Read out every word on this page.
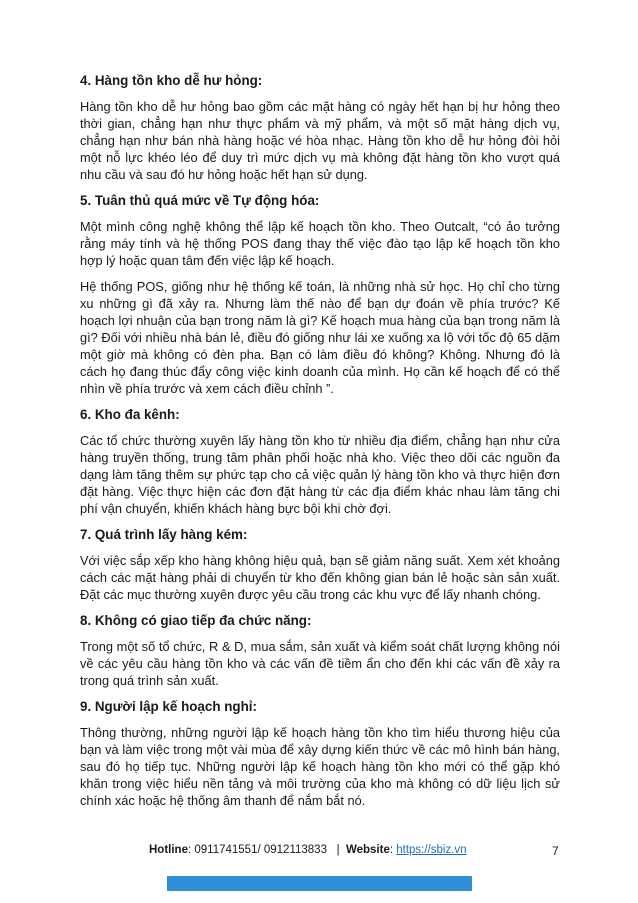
4. Hàng tồn kho dễ hư hỏng:

Hàng tồn kho dễ hư hỏng bao gồm các mặt hàng có ngày hết hạn bị hư hỏng theo thời gian, chẳng hạn như thực phẩm và mỹ phẩm, và một số mặt hàng dịch vụ, chẳng hạn như bán nhà hàng hoặc vé hòa nhạc. Hàng tồn kho dễ hư hỏng đòi hỏi một nỗ lực khéo léo để duy trì mức dịch vụ mà không đặt hàng tồn kho vượt quá nhu cầu và sau đó hư hỏng hoặc hết hạn sử dụng.

5. Tuân thủ quá mức về Tự động hóa:

Một mình công nghệ không thể lập kế hoạch tồn kho. Theo Outcalt, “có ảo tưởng rằng máy tính và hệ thống POS đang thay thế việc đào tạo lập kế hoạch tồn kho hợp lý hoặc quan tâm đến việc lập kế hoạch.

Hệ thống POS, giống như hệ thống kế toán, là những nhà sử học. Họ chỉ cho từng xu những gì đã xảy ra. Nhưng làm thế nào để bạn dự đoán về phía trước? Kế hoạch lợi nhuận của bạn trong năm là gì? Kế hoạch mua hàng của bạn trong năm là gì? Đối với nhiều nhà bán lẻ, điều đó giống như lái xe xuống xa lộ với tốc độ 65 dặm một giờ mà không có đèn pha. Bạn có làm điều đó không? Không. Nhưng đó là cách họ đang thúc đẩy công việc kinh doanh của mình. Họ cần kế hoạch để có thể nhìn về phía trước và xem cách điều chỉnh ”.

6. Kho đa kênh:

Các tổ chức thường xuyên lấy hàng tồn kho từ nhiều địa điểm, chẳng hạn như cửa hàng truyền thống, trung tâm phân phối hoặc nhà kho. Việc theo dõi các nguồn đa dạng làm tăng thêm sự phức tạp cho cả việc quản lý hàng tồn kho và thực hiện đơn đặt hàng. Việc thực hiện các đơn đặt hàng từ các địa điểm khác nhau làm tăng chi phí vận chuyển, khiến khách hàng bực bội khi chờ đợi.

7. Quá trình lấy hàng kém:

Với việc sắp xếp kho hàng không hiệu quả, bạn sẽ giảm năng suất. Xem xét khoảng cách các mặt hàng phải di chuyển từ kho đến không gian bán lẻ hoặc sàn sản xuất. Đặt các mục thường xuyên được yêu cầu trong các khu vực để lấy nhanh chóng.

8. Không có giao tiếp đa chức năng:

Trong một số tổ chức, R & D, mua sắm, sản xuất và kiểm soát chất lượng không nói về các yêu cầu hàng tồn kho và các vấn đề tiềm ẩn cho đến khi các vấn đề xảy ra trong quá trình sản xuất.

9. Người lập kế hoạch nghỉ:

Thông thường, những người lập kế hoạch hàng tồn kho tìm hiểu thương hiệu của bạn và làm việc trong một vài mùa để xây dựng kiến thức về các mô hình bán hàng, sau đó họ tiếp tục. Những người lập kế hoạch hàng tồn kho mới có thể gặp khó khăn trong việc hiểu nền tảng và môi trường của kho mà không có dữ liệu lịch sử chính xác hoặc hệ thống âm thanh để nắm bắt nó.

Hotline: 0911741551/ 0912113833 | Website: https://sbiz.vn	7
